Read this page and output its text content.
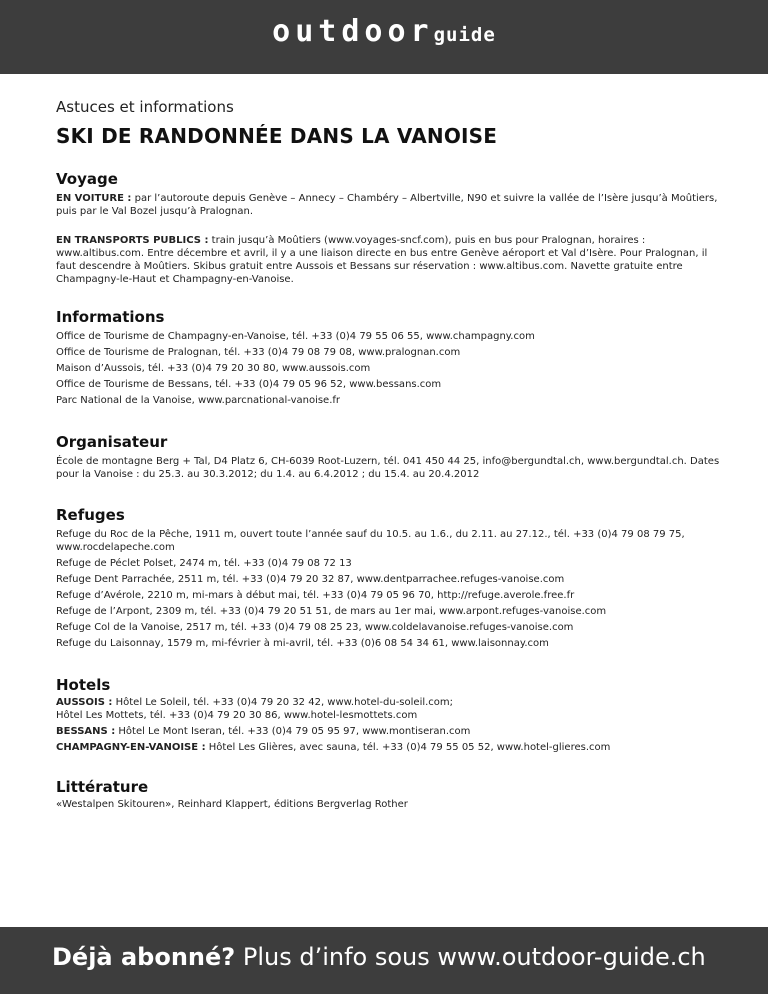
outdoorguide
Astuces et informations
SKI DE RANDONNÉE DANS LA VANOISE
Voyage
EN VOITURE : par l’autoroute depuis Genève – Annecy – Chambéry – Albertville, N90 et suivre la vallée de l’Isère jusqu’à Moûtiers, puis par le Val Bozel jusqu’à Pralognan.
EN TRANSPORTS PUBLICS : train jusqu’à Moûtiers (www.voyages-sncf.com), puis en bus pour Pralognan, horaires : www.altibus.com. Entre décembre et avril, il y a une liaison directe en bus entre Genève aéroport et Val d’Isère. Pour Pralognan, il faut descendre à Moûtiers. Skibus gratuit entre Aussois et Bessans sur réservation : www.altibus.com. Navette gratuite entre Champagny-le-Haut et Champagny-en-Vanoise.
Informations
Office de Tourisme de Champagny-en-Vanoise, tél. +33 (0)4 79 55 06 55, www.champagny.com
Office de Tourisme de Pralognan, tél. +33 (0)4 79 08 79 08, www.pralognan.com
Maison d’Aussois, tél. +33 (0)4 79 20 30 80, www.aussois.com
Office de Tourisme de Bessans, tél. +33 (0)4 79 05 96 52, www.bessans.com
Parc National de la Vanoise, www.parcnational-vanoise.fr
Organisateur
École de montagne Berg + Tal, D4 Platz 6, CH-6039 Root-Luzern, tél. 041 450 44 25, info@bergundtal.ch, www.bergundtal.ch. Dates pour la Vanoise : du 25.3. au 30.3.2012; du 1.4. au 6.4.2012 ; du 15.4. au 20.4.2012
Refuges
Refuge du Roc de la Pêche, 1911 m, ouvert toute l’année sauf du 10.5. au 1.6., du 2.11. au 27.12., tél. +33 (0)4 79 08 79 75, www.rocdelapeche.com
Refuge de Péclet Polset, 2474 m, tél. +33 (0)4 79 08 72 13
Refuge Dent Parrachée, 2511 m, tél. +33 (0)4 79 20 32 87, www.dentparrachee.refuges-vanoise.com
Refuge d’Avérole, 2210 m, mi-mars à début mai, tél. +33 (0)4 79 05 96 70, http://refuge.averole.free.fr
Refuge de l’Arpont, 2309 m, tél. +33 (0)4 79 20 51 51, de mars au 1er mai, www.arpont.refuges-vanoise.com
Refuge Col de la Vanoise, 2517 m, tél. +33 (0)4 79 08 25 23, www.coldelavanoise.refuges-vanoise.com
Refuge du Laisonnay, 1579 m, mi-février à mi-avril, tél. +33 (0)6 08 54 34 61, www.laisonnay.com
Hotels
AUSSOIS : Hôtel Le Soleil, tél. +33 (0)4 79 20 32 42, www.hotel-du-soleil.com;
Hôtel Les Mottets, tél. +33 (0)4 79 20 30 86, www.hotel-lesmottets.com
BESSANS : Hôtel Le Mont Iseran, tél. +33 (0)4 79 05 95 97, www.montiseran.com
CHAMPAGNY-EN-VANOISE : Hôtel Les Glières, avec sauna, tél. +33 (0)4 79 55 05 52, www.hotel-glieres.com
Littérature
«Westalpen Skitouren», Reinhard Klappert, éditions Bergverlag Rother
Déjà abonné? Plus d’info sous www.outdoor-guide.ch
